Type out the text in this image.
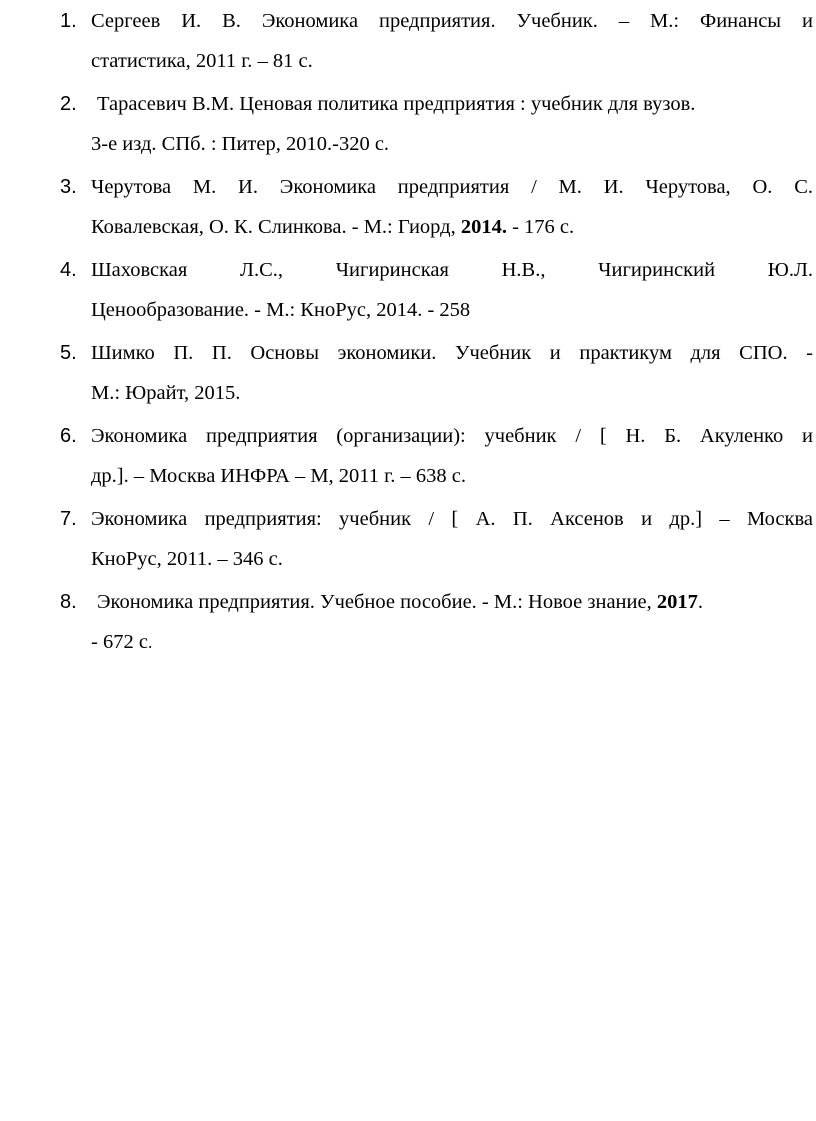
1. Сергеев И. В. Экономика предприятия. Учебник. – М.: Финансы и
статистика, 2011 г. – 81 с.
2. Тарасевич В.М. Ценовая политика предприятия : учебник для вузов.
3-е изд. СПб. : Питер, 2010.-320 с.
3. Черутова М. И. Экономика предприятия / М. И. Черутова, О. С.
Ковалевская, О. К. Слинкова. - М.: Гиорд, 2014. - 176 с.
4. Шаховская Л.С., Чигиринская Н.В., Чигиринский Ю.Л.
Ценообразование. - М.: КноРус, 2014. - 258
5. Шимко П. П. Основы экономики. Учебник и практикум для СПО. -
М.: Юрайт, 2015.
6. Экономика предприятия (организации): учебник / [ Н. Б. Акуленко и
др.]. – Москва ИНФРА – М, 2011 г. – 638 с.
7. Экономика предприятия: учебник / [ А. П. Аксенов и др.] – Москва
КноРус, 2011. – 346 с.
8. Экономика предприятия. Учебное пособие. - М.: Новое знание, 2017.
- 672 с.
